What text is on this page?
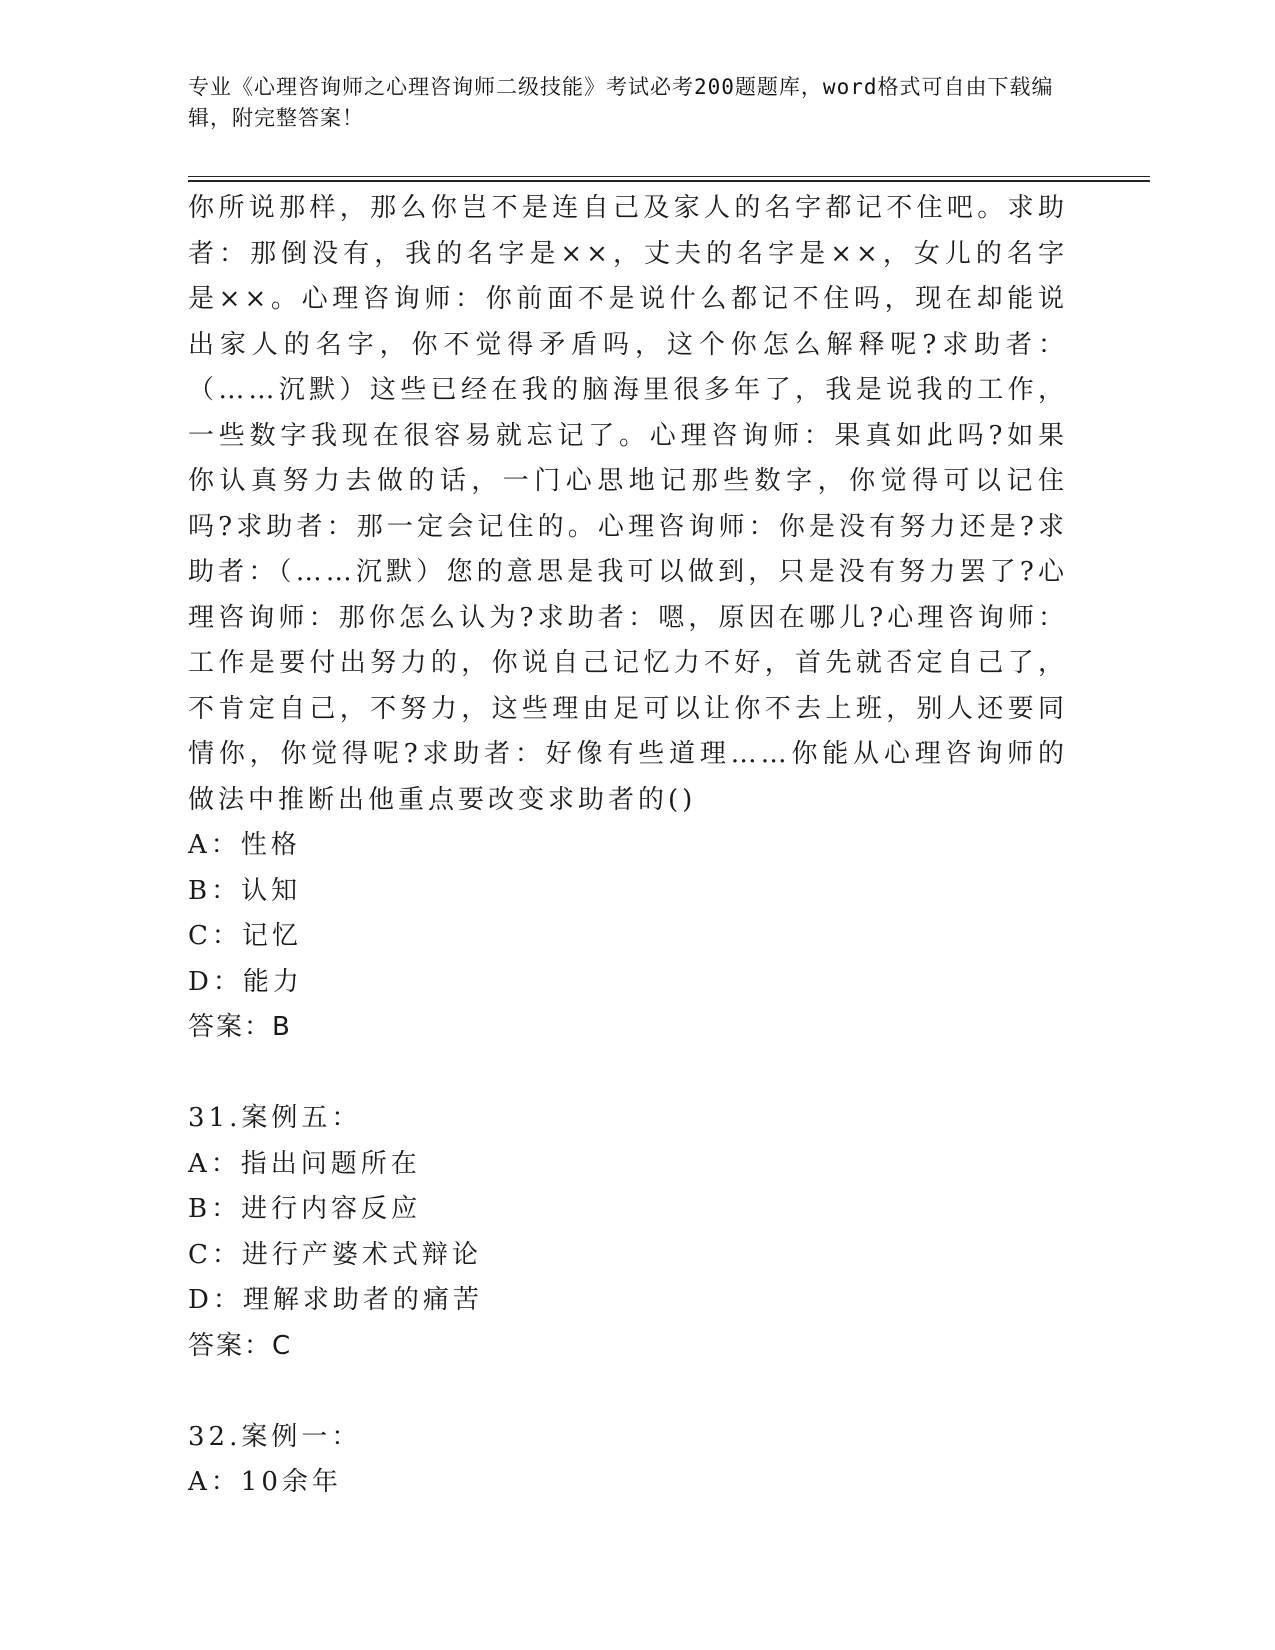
专业《心理咨询师之心理咨询师二级技能》考试必考200题题库，word格式可自由下载编辑，附完整答案！

你所说那样，那么你岂不是连自己及家人的名字都记不住吧。求助者：那倒没有，我的名字是××，丈夫的名字是××，女儿的名字是××。心理咨询师：你前面不是说什么都记不住吗，现在却能说出家人的名字，你不觉得矛盾吗，这个你怎么解释呢?求助者：（……沉默）这些已经在我的脑海里很多年了，我是说我的工作，一些数字我现在很容易就忘记了。心理咨询师：果真如此吗?如果你认真努力去做的话，一门心思地记那些数字，你觉得可以记住吗?求助者：那一定会记住的。心理咨询师：你是没有努力还是?求助者：（……沉默）您的意思是我可以做到，只是没有努力罢了?心理咨询师：那你怎么认为?求助者：嗯，原因在哪儿?心理咨询师：工作是要付出努力的，你说自己记忆力不好，首先就否定自己了，不肯定自己，不努力，这些理由足可以让你不去上班，别人还要同情你，你觉得呢?求助者：好像有些道理……你能从心理咨询师的做法中推断出他重点要改变求助者的()

A：性格
B：认知
C：记忆
D：能力
答案：B
31.案例五：
A：指出问题所在
B：进行内容反应
C：进行产婆术式辩论
D：理解求助者的痛苦
答案：C
32.案例一：
A：10余年
